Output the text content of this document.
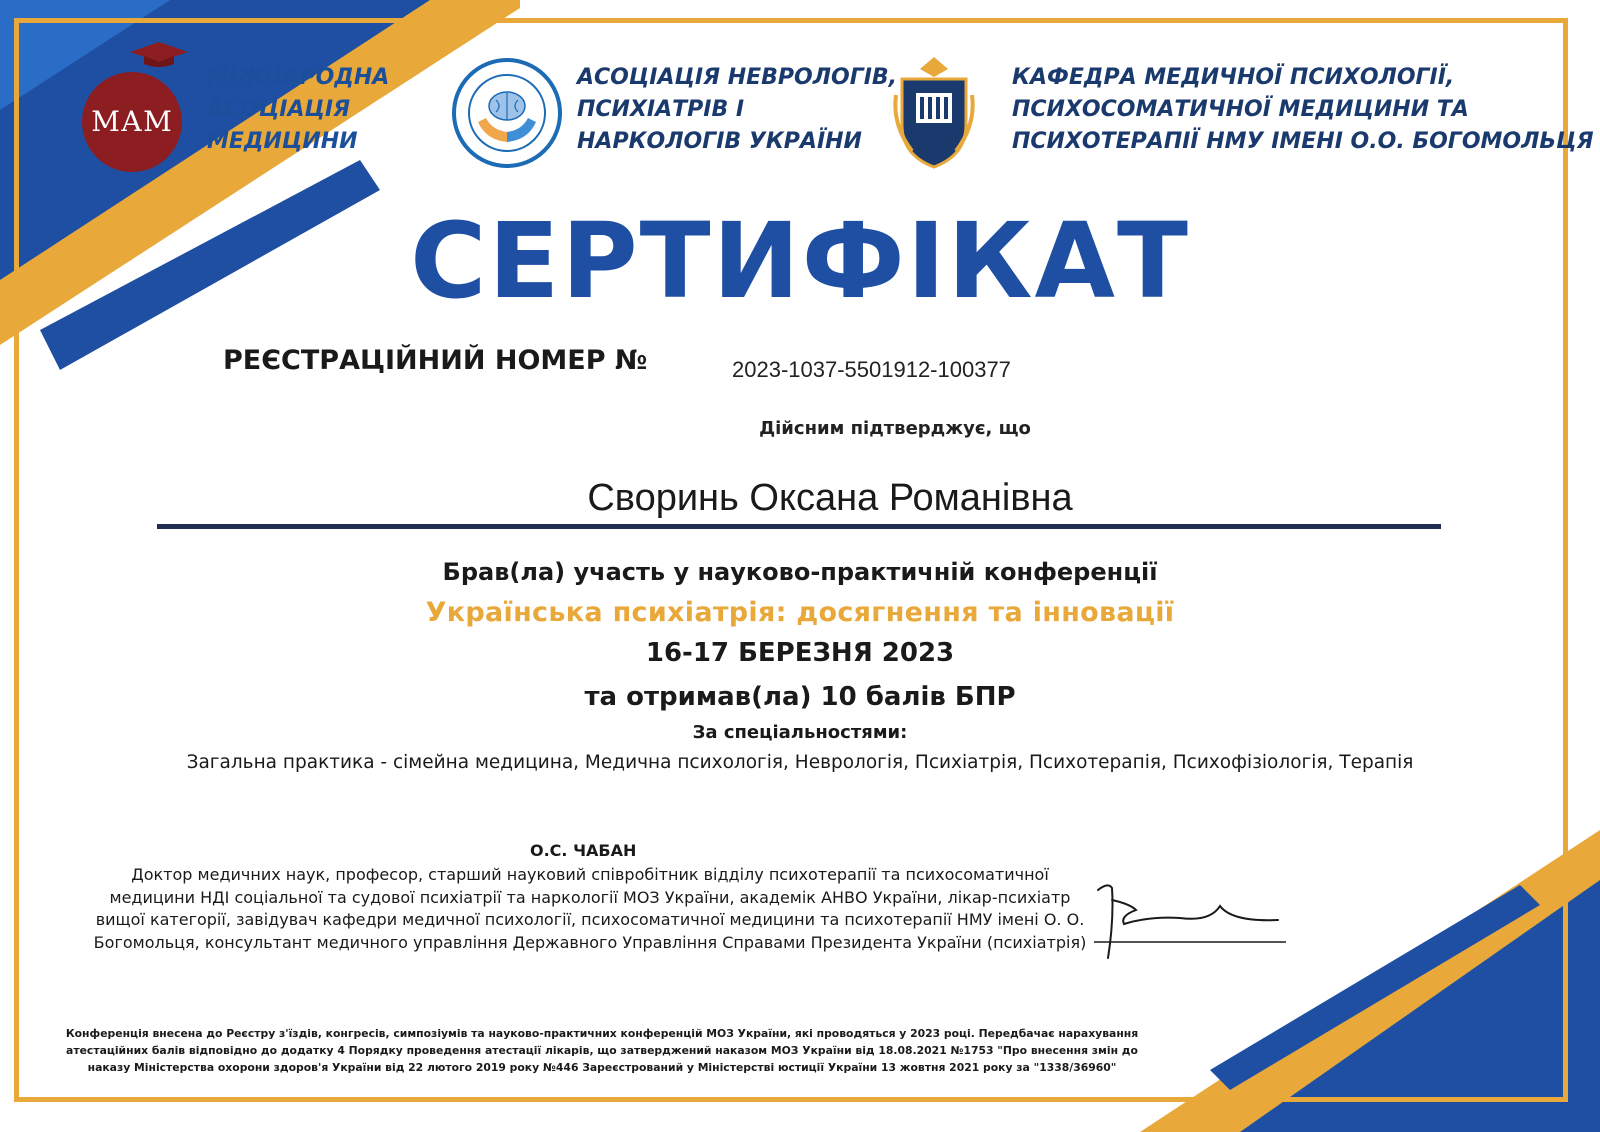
МАМ
МІЖНАРОДНА
АСОЦІАЦІЯ
МЕДИЦИНИ
АСОЦІАЦІЯ НЕВРОЛОГІВ,
ПСИХІАТРІВ І
НАРКОЛОГІВ УКРАЇНИ
КАФЕДРА МЕДИЧНОЇ ПСИХОЛОГІЇ,
ПСИХОСОМАТИЧНОЇ МЕДИЦИНИ ТА
ПСИХОТЕРАПІЇ НМУ ІМЕНІ О.О. БОГОМОЛЬЦЯ
СЕРТИФІКАТ
РЕЄСТРАЦІЙНИЙ НОМЕР №	2023-1037-5501912-100377
Дійсним підтверджує, що
Своринь Оксана Романівна
Брав(ла) участь у науково-практичній конференції
Українська психіатрія: досягнення та інновації
16-17 БЕРЕЗНЯ 2023
та отримав(ла) 10 балів БПР
За спеціальностями:
Загальна практика - сімейна медицина, Медична психологія, Неврологія, Психіатрія, Психотерапія, Психофізіологія, Терапія
О.С. ЧАБАН
Доктор медичних наук, професор, старший науковий співробітник відділу психотерапії та психосоматичної медицини НДІ соціальної та судової психіатрії та наркології МОЗ України, академік АНВО України, лікар-психіатр вищої категорії, завідувач кафедри медичної психології, психосоматичної медицини та психотерапії НМУ імені О. О. Богомольця, консультант медичного управління Державного Управління Справами Президента України (психіатрія)
Конференція внесена до Реєстру з'їздів, конгресів, симпозіумів та науково-практичних конференцій МОЗ України, які проводяться у 2023 році. Передбачає нарахування атестаційних балів відповідно до додатку 4 Порядку проведення атестації лікарів, що затверджений наказом МОЗ України від 18.08.2021 №1753 "Про внесення змін до наказу Міністерства охорони здоров'я України від 22 лютого 2019 року №446 Зареєстрований у Міністерстві юстиції України 13 жовтня 2021 року за "1338/36960"
